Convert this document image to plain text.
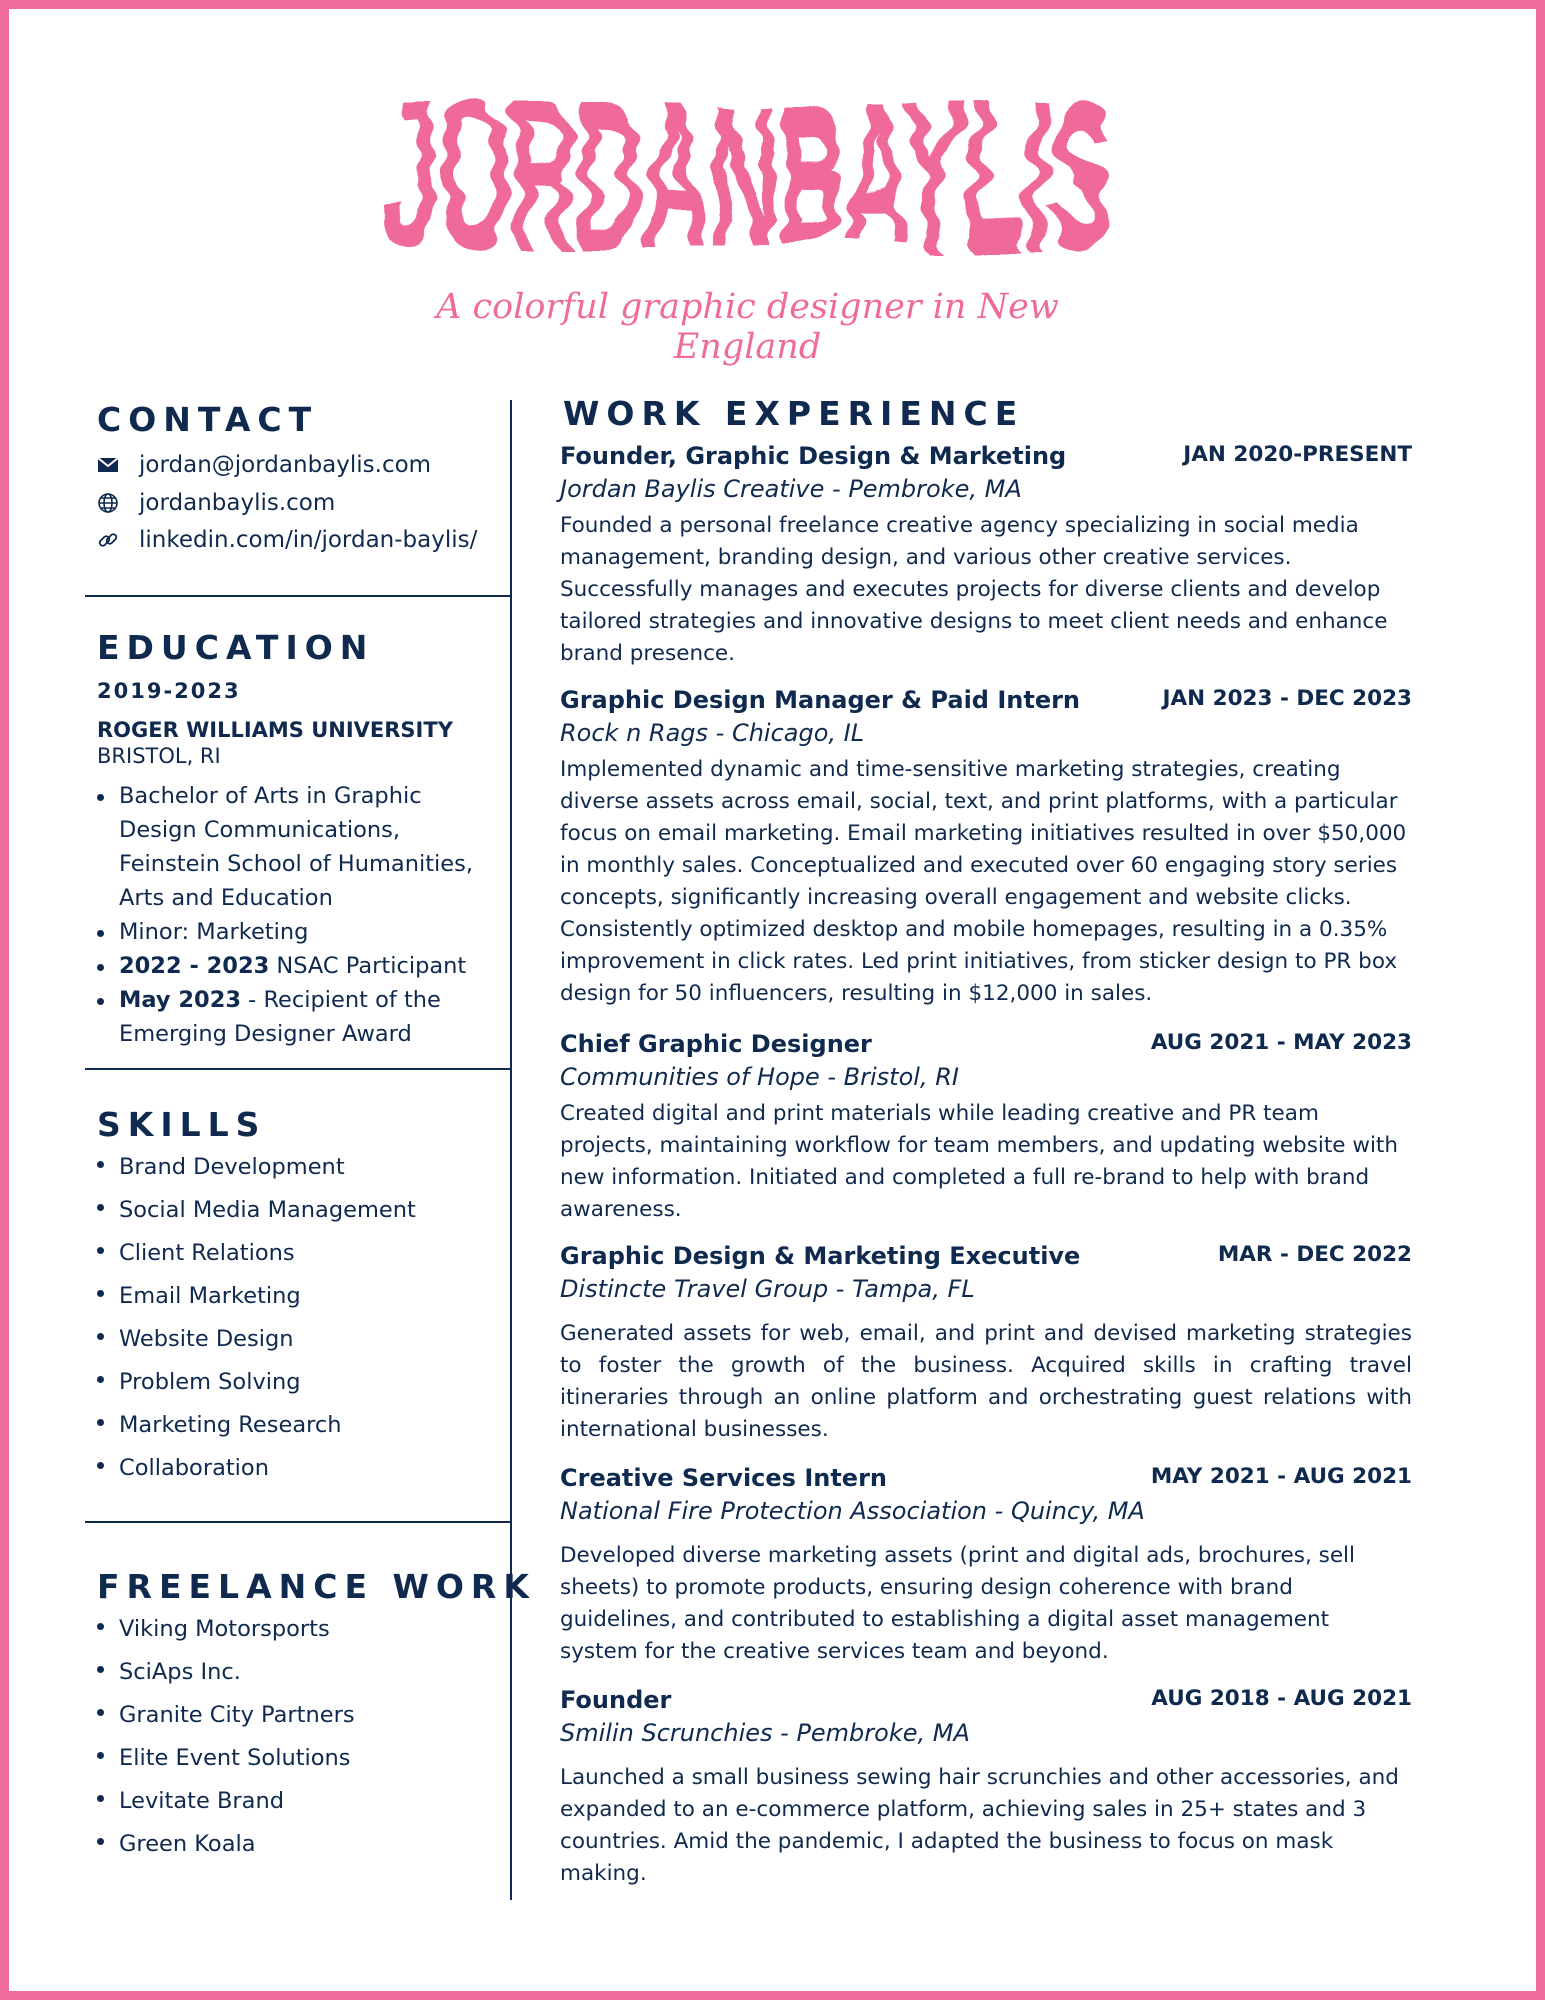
JORDANBAYLIS
A colorful graphic designer in New England
CONTACT
jordan@jordanbaylis.com
jordanbaylis.com
linkedin.com/in/jordan-baylis/
EDUCATION
2019-2023
ROGER WILLIAMS UNIVERSITY
BRISTOL, RI
Bachelor of Arts in Graphic Design Communications, Feinstein School of Humanities, Arts and Education
Minor: Marketing
2022 - 2023 NSAC Participant
May 2023 - Recipient of the Emerging Designer Award
SKILLS
Brand Development
Social Media Management
Client Relations
Email Marketing
Website Design
Problem Solving
Marketing Research
Collaboration
FREELANCE WORK
Viking Motorsports
SciAps Inc.
Granite City Partners
Elite Event Solutions
Levitate Brand
Green Koala
WORK EXPERIENCE
Founder, Graphic Design & Marketing	JAN 2020-PRESENT
Jordan Baylis Creative - Pembroke, MA
Founded a personal freelance creative agency specializing in social media management, branding design, and various other creative services. Successfully manages and executes projects for diverse clients and develop tailored strategies and innovative designs to meet client needs and enhance brand presence.
Graphic Design Manager & Paid Intern	JAN 2023 - DEC 2023
Rock n Rags - Chicago, IL
Implemented dynamic and time-sensitive marketing strategies, creating diverse assets across email, social, text, and print platforms, with a particular focus on email marketing. Email marketing initiatives resulted in over $50,000 in monthly sales. Conceptualized and executed over 60 engaging story series concepts, significantly increasing overall engagement and website clicks. Consistently optimized desktop and mobile homepages, resulting in a 0.35% improvement in click rates. Led print initiatives, from sticker design to PR box design for 50 influencers, resulting in $12,000 in sales.
Chief Graphic Designer	AUG 2021 - MAY 2023
Communities of Hope - Bristol, RI
Created digital and print materials while leading creative and PR team projects, maintaining workflow for team members, and updating website with new information. Initiated and completed a full re-brand to help with brand awareness.
Graphic Design & Marketing Executive	MAR - DEC 2022
Distincte Travel Group - Tampa, FL
Generated assets for web, email, and print and devised marketing strategies to foster the growth of the business. Acquired skills in crafting travel itineraries through an online platform and orchestrating guest relations with international businesses.
Creative Services Intern	MAY 2021 - AUG 2021
National Fire Protection Association - Quincy, MA
Developed diverse marketing assets (print and digital ads, brochures, sell sheets) to promote products, ensuring design coherence with brand guidelines, and contributed to establishing a digital asset management system for the creative services team and beyond.
Founder	AUG 2018 - AUG 2021
Smilin Scrunchies - Pembroke, MA
Launched a small business sewing hair scrunchies and other accessories, and expanded to an e-commerce platform, achieving sales in 25+ states and 3 countries. Amid the pandemic, I adapted the business to focus on mask making.
